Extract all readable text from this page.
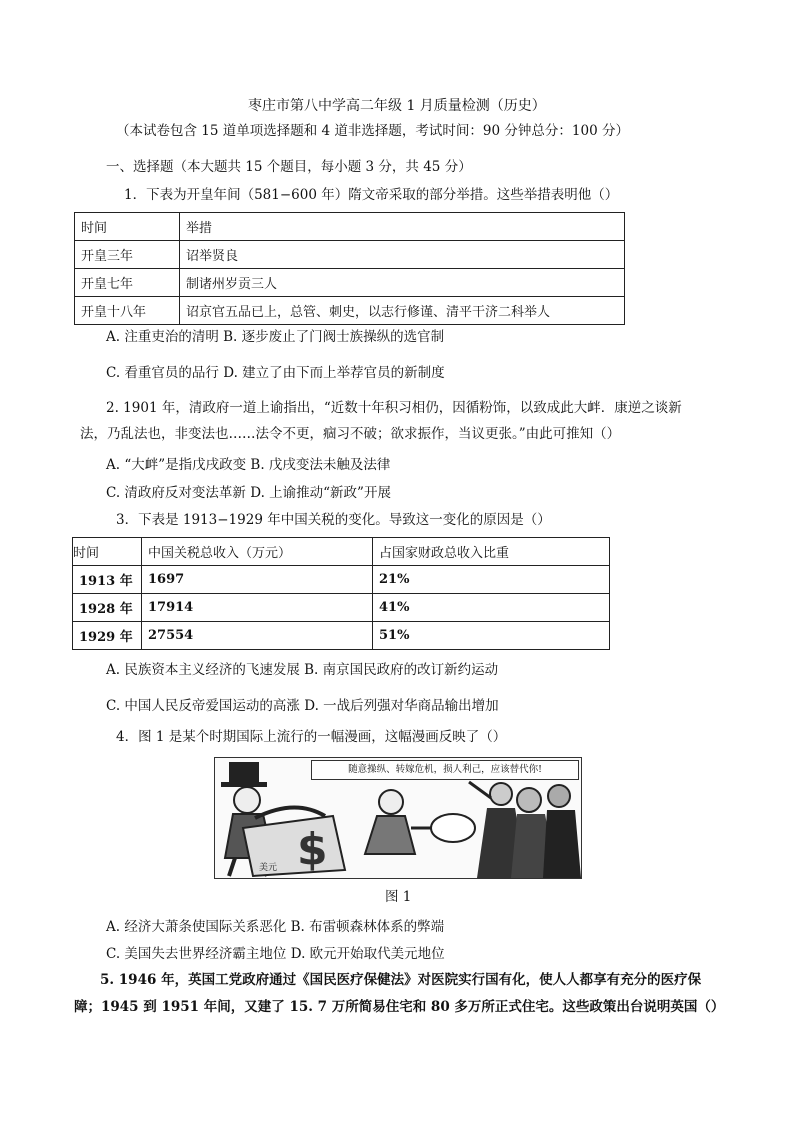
枣庄市第八中学高二年级 1 月质量检测（历史）
（本试卷包含 15 道单项选择题和 4 道非选择题，考试时间：90 分钟总分：100 分）
一、选择题（本大题共 15 个题目，每小题 3 分，共 45 分）
1．下表为开皇年间（581−600 年）隋文帝采取的部分举措。这些举措表明他（）
时间	举措
开皇三年	诏举贤良
开皇七年	制诸州岁贡三人
开皇十八年	诏京官五品已上，总管、刺史，以志行修谨、清平干济二科举人
A. 注重吏治的清明 B. 逐步废止了门阀士族操纵的选官制
C. 看重官员的品行 D. 建立了由下而上举荐官员的新制度
2. 1901 年，清政府一道上谕指出，“近数十年积习相仍，因循粉饰，以致成此大衅．康逆之谈新
法，乃乱法也，非变法也……法令不更，痼习不破；欲求振作，当议更张。”由此可推知（）
A. “大衅”是指戊戌政变 B. 戊戌变法未触及法律
C. 清政府反对变法革新 D. 上谕推动“新政”开展
3．下表是 1913−1929 年中国关税的变化。导致这一变化的原因是（）
时间	中国关税总收入（万元）	占国家财政总收入比重
1913 年	1697	21%
1928 年	17914	41%
1929 年	27554	51%
A. 民族资本主义经济的飞速发展 B. 南京国民政府的改订新约运动
C. 中国人民反帝爱国运动的高涨 D. 一战后列强对华商品输出增加
4．图 1 是某个时期国际上流行的一幅漫画，这幅漫画反映了（）
$
美元
随意操纵、转嫁危机，损人利己，应该替代你!
图 1
A. 经济大萧条使国际关系恶化 B. 布雷顿森林体系的弊端
C. 美国失去世界经济霸主地位 D. 欧元开始取代美元地位
5. 1946 年，英国工党政府通过《国民医疗保健法》对医院实行国有化，使人人都享有充分的医疗保
障；1945 到 1951 年间，又建了 15. 7 万所简易住宅和 80 多万所正式住宅。这些政策出台说明英国（）
